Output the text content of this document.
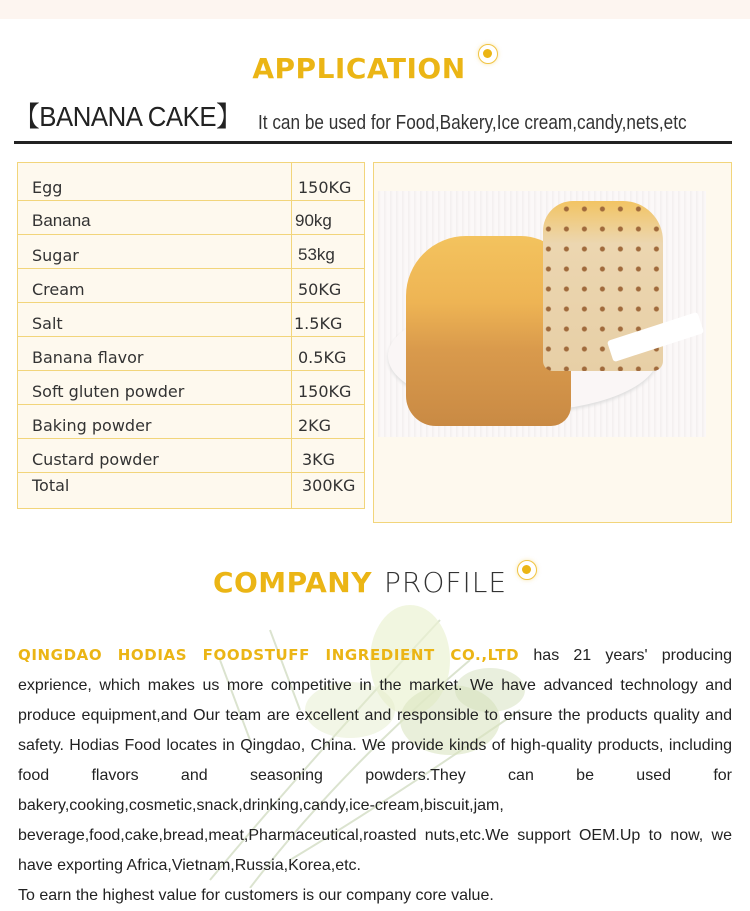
APPLICATION
【BANANA CAKE】 It can be used for Food,Bakery,Ice cream,candy,nets,etc
Egg	150KG
Banana	90kg
Sugar	53kg
Cream	50KG
Salt	1.5KG
Banana flavor	0.5KG
Soft gluten powder	150KG
Baking powder	2KG
Custard powder	3KG
Total	300KG
COMPANY PROFILE

QINGDAO HODIAS FOODSTUFF INGREDIENT CO.,LTD has 21 years' producing exprience, which makes us more competitive in the market. We have advanced technology and produce equipment,and Our team are excellent and responsible to ensure the products quality and safety. Hodias Food locates in Qingdao, China. We provide kinds of high-quality products, including food flavors and seasoning powders.They can be used for bakery,cooking,cosmetic,snack,drinking,candy,ice-cream,biscuit,jam, beverage,food,cake,bread,meat,Pharmaceutical,roasted nuts,etc.We support OEM.Up to now, we have exporting Africa,Vietnam,Russia,Korea,etc.

To earn the highest value for customers is our company core value.
